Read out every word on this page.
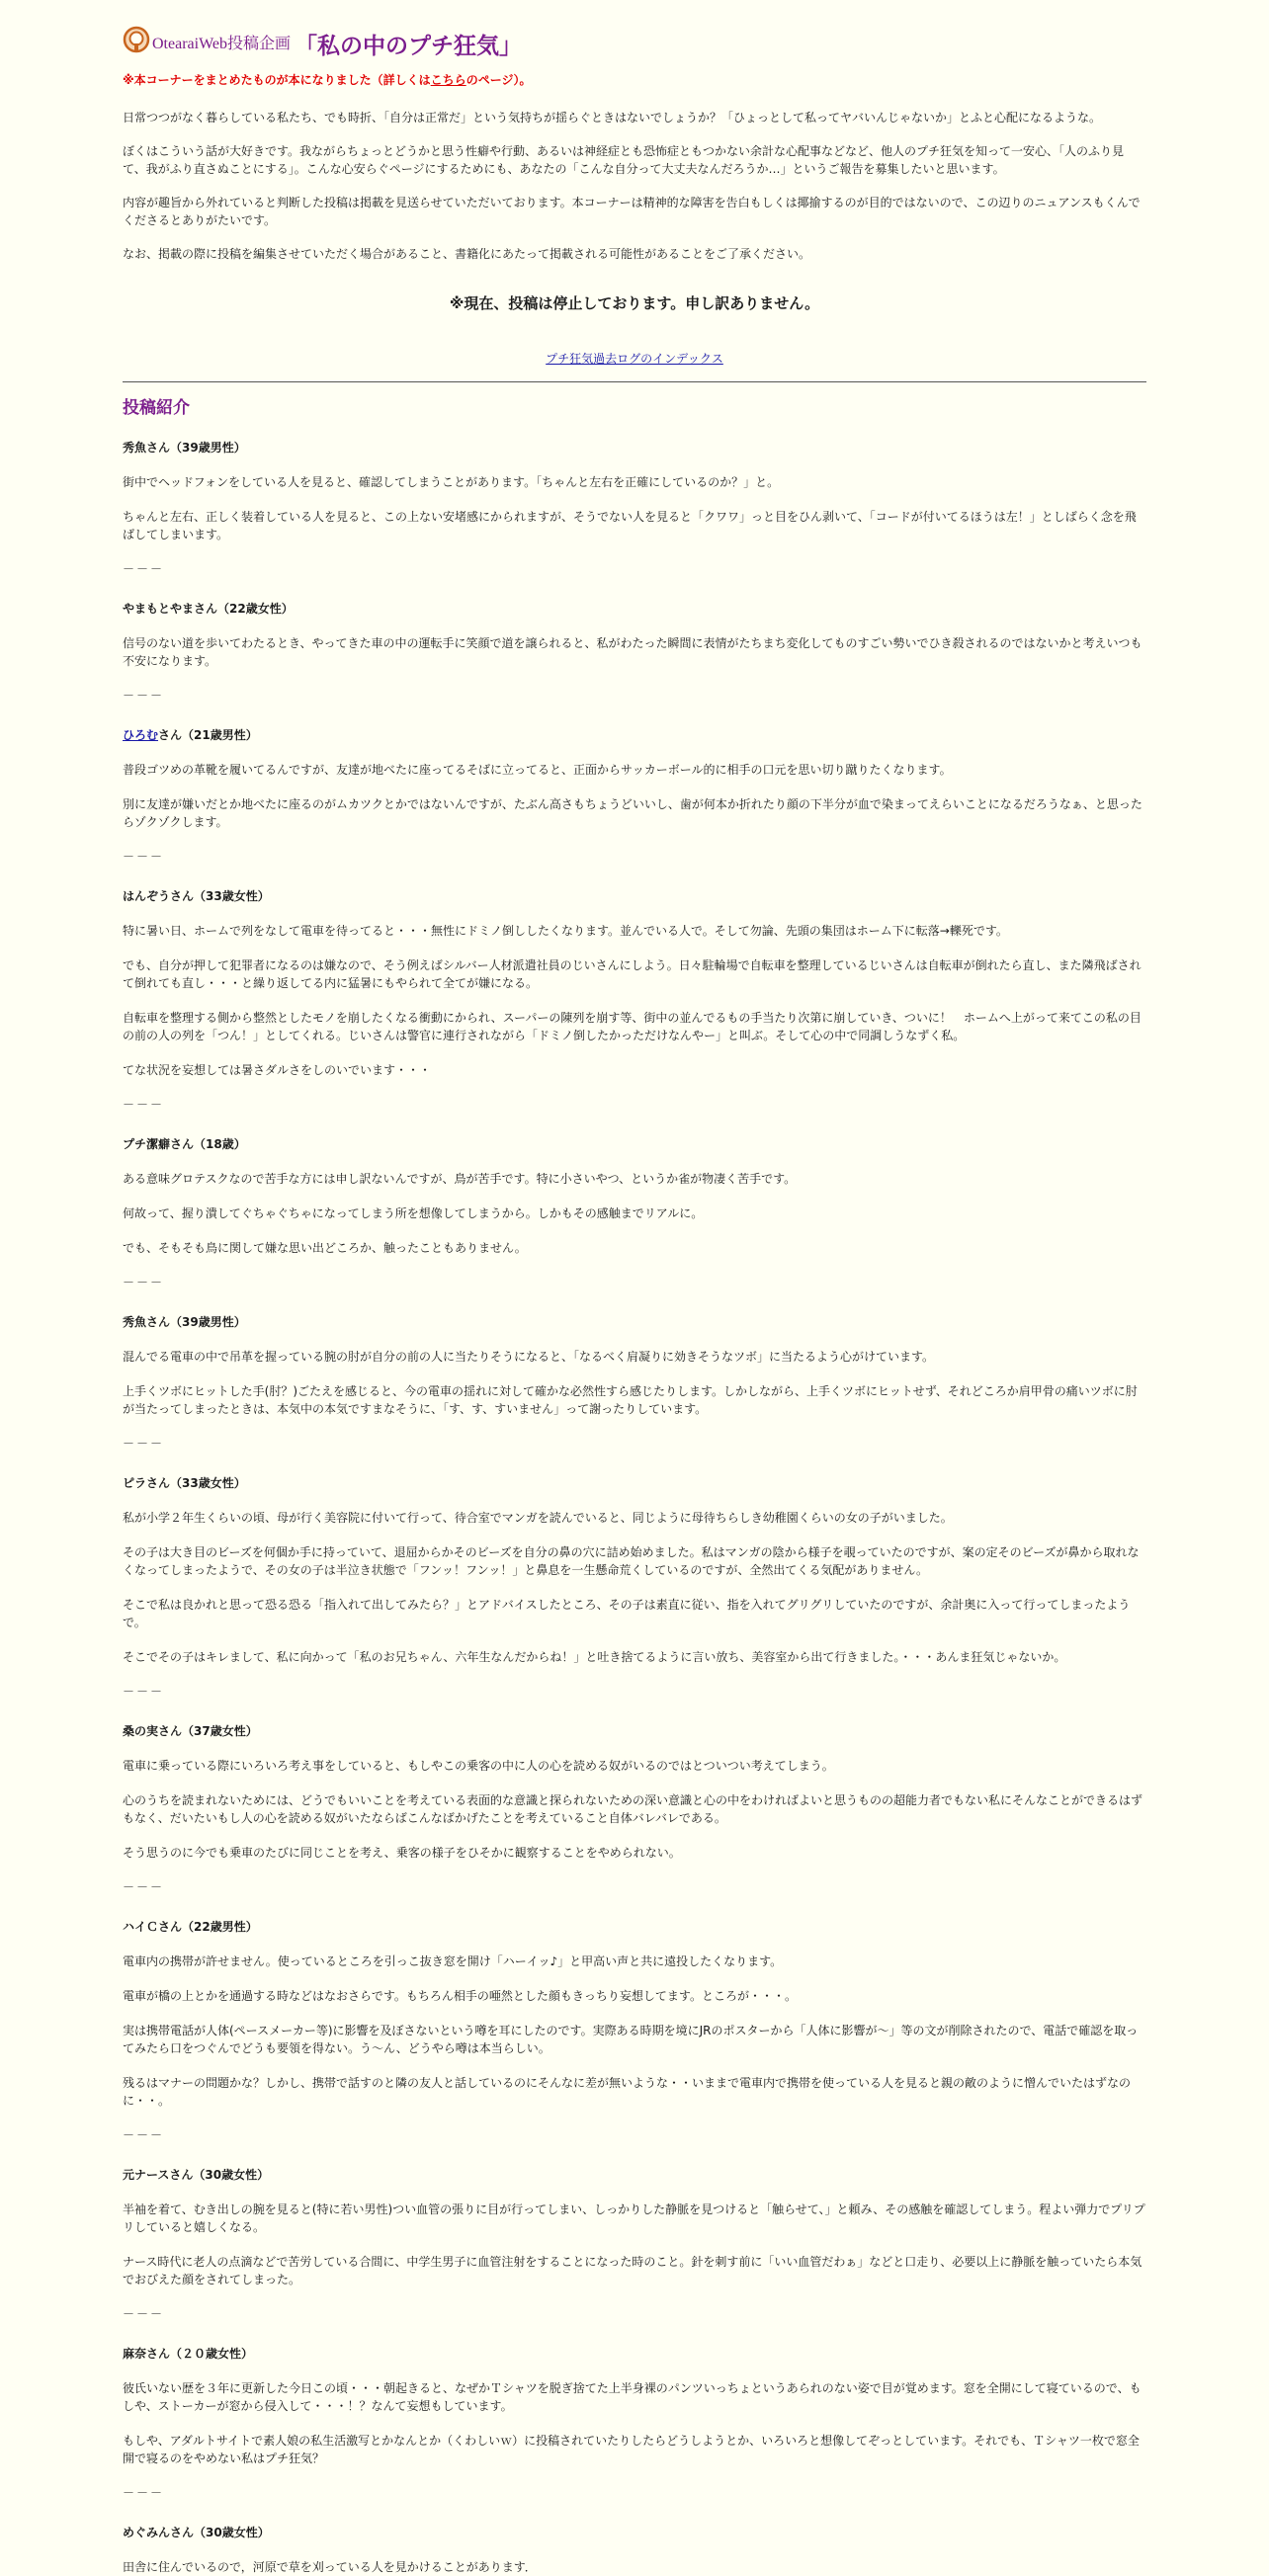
OtearaiWeb投稿企画 「私の中のプチ狂気」
※本コーナーをまとめたものが本になりました（詳しくはこちらのページ）。

日常つつがなく暮らしている私たち、でも時折、「自分は正常だ」という気持ちが揺らぐときはないでしょうか？「ひょっとして私ってヤバいんじゃないか」とふと心配になるような。

ぼくはこういう話が大好きです。我ながらちょっとどうかと思う性癖や行動、あるいは神経症とも恐怖症ともつかない余計な心配事などなど、他人のプチ狂気を知って一安心、「人のふり見て、我がふり直さぬことにする」。こんな心安らぐページにするためにも、あなたの「こんな自分って大丈夫なんだろうか…」というご報告を募集したいと思います。

内容が趣旨から外れていると判断した投稿は掲載を見送らせていただいております。本コーナーは精神的な障害を告白もしくは揶揄するのが目的ではないので、この辺りのニュアンスもくんでくださるとありがたいです。

なお、掲載の際に投稿を編集させていただく場合があること、書籍化にあたって掲載される可能性があることをご了承ください。

※現在、投稿は停止しております。申し訳ありません。
プチ狂気過去ログのインデックス
投稿紹介
秀魚さん（39歳男性）

街中でヘッドフォンをしている人を見ると、確認してしまうことがあります。「ちゃんと左右を正確にしているのか？」と。

ちゃんと左右、正しく装着している人を見ると、この上ない安堵感にかられますが、そうでない人を見ると「クワワ」っと目をひん剥いて、「コードが付いてるほうは左！」としばらく念を飛ばしてしまいます。

－－－
やまもとやまさん（22歳女性）

信号のない道を歩いてわたるとき、やってきた車の中の運転手に笑顔で道を譲られると、私がわたった瞬間に表情がたちまち変化してものすごい勢いでひき殺されるのではないかと考えいつも不安になります。

－－－
ひろむさん（21歳男性）

普段ゴツめの革靴を履いてるんですが、友達が地べたに座ってるそばに立ってると、正面からサッカーボール的に相手の口元を思い切り蹴りたくなります。

別に友達が嫌いだとか地べたに座るのがムカツクとかではないんですが、たぶん高さもちょうどいいし、歯が何本か折れたり顔の下半分が血で染まってえらいことになるだろうなぁ、と思ったらゾクゾクします。

－－－
はんぞうさん（33歳女性）

特に暑い日、ホームで列をなして電車を待ってると・・・無性にドミノ倒ししたくなります。並んでいる人で。そして勿論、先頭の集団はホーム下に転落→轢死です。

でも、自分が押して犯罪者になるのは嫌なので、そう例えばシルバー人材派遣社員のじいさんにしよう。日々駐輪場で自転車を整理しているじいさんは自転車が倒れたら直し、また隣飛ばされて倒れても直し・・・と繰り返してる内に猛暑にもやられて全てが嫌になる。

自転車を整理する側から整然としたモノを崩したくなる衝動にかられ、スーパーの陳列を崩す等、街中の並んでるもの手当たり次第に崩していき、ついに！　ホームへ上がって来てこの私の目の前の人の列を「つん！」としてくれる。じいさんは警官に連行されながら「ドミノ倒したかっただけなんやー」と叫ぶ。そして心の中で同調しうなずく私。

てな状況を妄想しては暑さダルさをしのいでいます・・・

－－－
プチ潔癖さん（18歳）

ある意味グロテスクなので苦手な方には申し訳ないんですが、鳥が苦手です。特に小さいやつ、というか雀が物凄く苦手です。

何故って、握り潰してぐちゃぐちゃになってしまう所を想像してしまうから。しかもその感触までリアルに。

でも、そもそも鳥に関して嫌な思い出どころか、触ったこともありません。

－－－
秀魚さん（39歳男性）

混んでる電車の中で吊革を握っている腕の肘が自分の前の人に当たりそうになると、「なるべく肩凝りに効きそうなツボ」に当たるよう心がけています。

上手くツボにヒットした手(肘？)ごたえを感じると、今の電車の揺れに対して確かな必然性すら感じたりします。しかしながら、上手くツボにヒットせず、それどころか肩甲骨の痛いツボに肘が当たってしまったときは、本気中の本気ですまなそうに、「す、す、すいません」って謝ったりしています。

－－－
ピラさん（33歳女性）

私が小学２年生くらいの頃、母が行く美容院に付いて行って、待合室でマンガを読んでいると、同じように母待ちらしき幼稚園くらいの女の子がいました。

その子は大き目のビーズを何個か手に持っていて、退屈からかそのビーズを自分の鼻の穴に詰め始めました。私はマンガの陰から様子を覗っていたのですが、案の定そのビーズが鼻から取れなくなってしまったようで、その女の子は半泣き状態で「フンッ！フンッ！」と鼻息を一生懸命荒くしているのですが、全然出てくる気配がありません。

そこで私は良かれと思って恐る恐る「指入れて出してみたら？」とアドバイスしたところ、その子は素直に従い、指を入れてグリグリしていたのですが、余計奥に入って行ってしまったようで。

そこでその子はキレまして、私に向かって「私のお兄ちゃん、六年生なんだからね！」と吐き捨てるように言い放ち、美容室から出て行きました。・・・あんま狂気じゃないか。

－－－
桑の実さん（37歳女性）

電車に乗っている際にいろいろ考え事をしていると、もしやこの乗客の中に人の心を読める奴がいるのではとついつい考えてしまう。

心のうちを読まれないためには、どうでもいいことを考えている表面的な意識と探られないための深い意識と心の中をわければよいと思うものの超能力者でもない私にそんなことができるはずもなく、だいたいもし人の心を読める奴がいたならばこんなばかげたことを考えていること自体バレバレである。

そう思うのに今でも乗車のたびに同じことを考え、乗客の様子をひそかに観察することをやめられない。

－－－
ハイＣさん（22歳男性）

電車内の携帯が許せません。使っているところを引っこ抜き窓を開け「ハーイッ♪」と甲高い声と共に遠投したくなります。

電車が橋の上とかを通過する時などはなおさらです。もちろん相手の唖然とした顔もきっちり妄想してます。ところが・・・。

実は携帯電話が人体(ペースメーカー等)に影響を及ぼさないという噂を耳にしたのです。実際ある時期を境にJRのポスターから「人体に影響が～」等の文が削除されたので、電話で確認を取ってみたら口をつぐんでどうも要領を得ない。う～ん、どうやら噂は本当らしい。

残るはマナーの問題かな？しかし、携帯で話すのと隣の友人と話しているのにそんなに差が無いような・・いままで電車内で携帯を使っている人を見ると親の敵のように憎んでいたはずなのに・・。

－－－
元ナースさん（30歳女性）

半袖を着て、むき出しの腕を見ると(特に若い男性)つい血管の張りに目が行ってしまい、しっかりした静脈を見つけると「触らせて、」と頼み、その感触を確認してしまう。程よい弾力でプリプリしていると嬉しくなる。

ナース時代に老人の点滴などで苦労している合間に、中学生男子に血管注射をすることになった時のこと。針を刺す前に「いい血管だわぁ」などと口走り、必要以上に静脈を触っていたら本気でおびえた顔をされてしまった。

－－－
麻奈さん（２０歳女性）

彼氏いない歴を３年に更新した今日この頃・・・朝起きると、なぜかＴシャツを脱ぎ捨てた上半身裸のパンツいっちょというあられのない姿で目が覚めます。窓を全開にして寝ているので、もしや、ストーカーが窓から侵入して・・・！？なんて妄想もしています。

もしや、アダルトサイトで素人娘の私生活激写とかなんとか（くわしいｗ）に投稿されていたりしたらどうしようとか、いろいろと想像してぞっとしています。それでも、Ｔシャツ一枚で窓全開で寝るのをやめない私はプチ狂気？

－－－
めぐみんさん（30歳女性）

田舎に住んでいるので，河原で草を刈っている人を見かけることがあります．
